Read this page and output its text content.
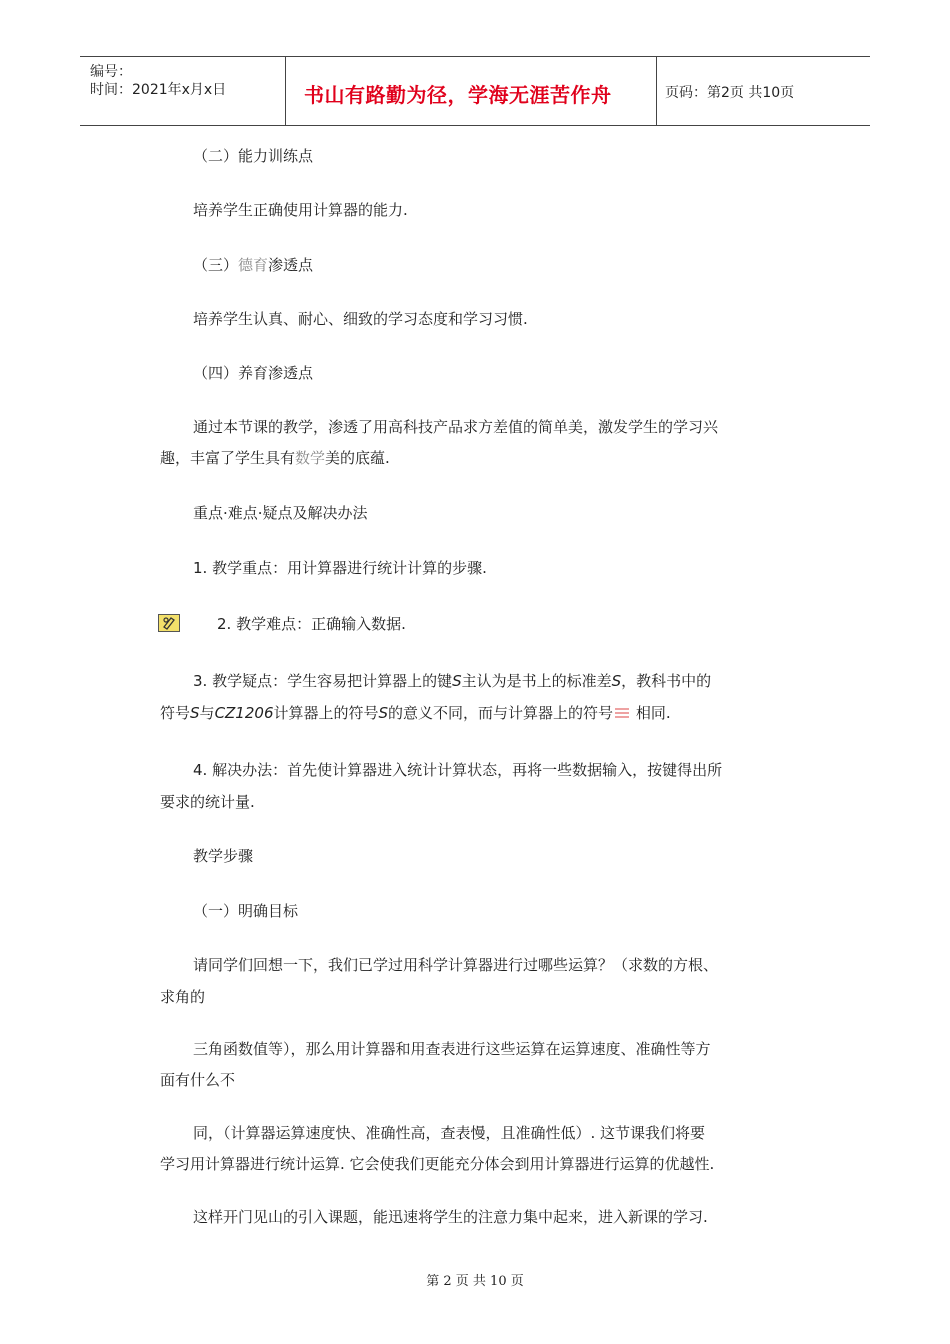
编号：
时间：2021年x月x日	书山有路勤为径，学海无涯苦作舟	页码：第2页 共10页
（二）能力训练点
培养学生正确使用计算器的能力.
（三）德育渗透点
培养学生认真、耐心、细致的学习态度和学习习惯.
（四）养育渗透点
通过本节课的教学，渗透了用高科技产品求方差值的简单美，激发学生的学习兴
趣，丰富了学生具有数学美的底蕴.
重点·难点·疑点及解决办法
1. 教学重点：用计算器进行统计计算的步骤.
2. 教学难点：正确输入数据.
3. 教学疑点：学生容易把计算器上的键S主认为是书上的标准差S，教科书中的
符号S与CZ1206计算器上的符号S的意义不同，而与计算器上的符号 相同.
4. 解决办法：首先使计算器进入统计计算状态，再将一些数据输入，按键得出所
要求的统计量.
教学步骤
（一）明确目标
请同学们回想一下，我们已学过用科学计算器进行过哪些运算？（求数的方根、
求角的
三角函数值等），那么用计算器和用查表进行这些运算在运算速度、准确性等方
面有什么不
同，（计算器运算速度快、准确性高，查表慢，且准确性低）. 这节课我们将要
学习用计算器进行统计运算. 它会使我们更能充分体会到用计算器进行运算的优越性.
这样开门见山的引入课题，能迅速将学生的注意力集中起来，进入新课的学习.
第 2 页 共 10 页
